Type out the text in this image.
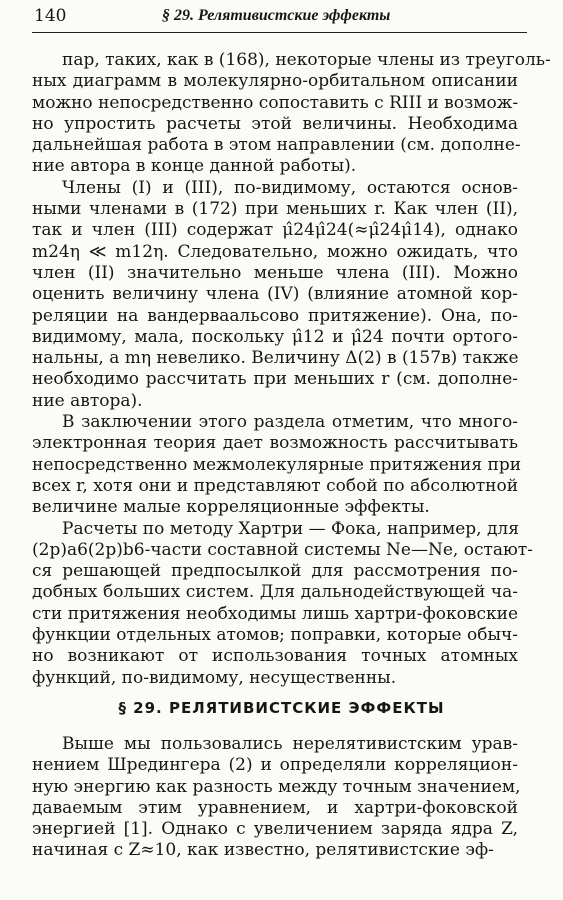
140	§ 29. Релятивистские эффекты

пар, таких, как в (168), некоторые члены из треуголь-
ных диаграмм в молекулярно-орбитальном описании
можно непосредственно сопоставить с RIII и возмож-
но упростить расчеты этой величины. Необходима
дальнейшая работа в этом направлении (см. дополне-
ние автора в конце данной работы).

Члены (I) и (III), по-видимому, остаются основ-
ными членами в (172) при меньших r. Как член (II),
так и член (III) содержат μ̂24μ̂24(≈μ̂24μ̂14), однако
m24η ≪ m12η. Следовательно, можно ожидать, что
член (II) значительно меньше члена (III). Можно
оценить величину члена (IV) (влияние атомной кор-
реляции на вандерваальсово притяжение). Она, по-
видимому, мала, поскольку μ̂12 и μ̂24 почти ортого-
нальны, а mη невелико. Величину Δ(2) в (157в) также
необходимо рассчитать при меньших r (см. дополне-
ние автора).

В заключении этого раздела отметим, что много-
электронная теория дает возможность рассчитывать
непосредственно межмолекулярные притяжения при
всех r, хотя они и представляют собой по абсолютной
величине малые корреляционные эффекты.

Расчеты по методу Хартри — Фока, например, для
(2p)a6(2p)b6-части составной системы Ne—Ne, остают-
ся решающей предпосылкой для рассмотрения по-
добных больших систем. Для дальнодействующей ча-
сти притяжения необходимы лишь хартри-фоковские
функции отдельных атомов; поправки, которые обыч-
но возникают от использования точных атомных
функций, по-видимому, несущественны.

§ 29. РЕЛЯТИВИСТСКИЕ ЭФФЕКТЫ

Выше мы пользовались нерелятивистским урав-
нением Шредингера (2) и определяли корреляцион-
ную энергию как разность между точным значением,
даваемым этим уравнением, и хартри-фоковской
энергией [1]. Однако с увеличением заряда ядра Z,
начиная с Z≈10, как известно, релятивистские эф-
